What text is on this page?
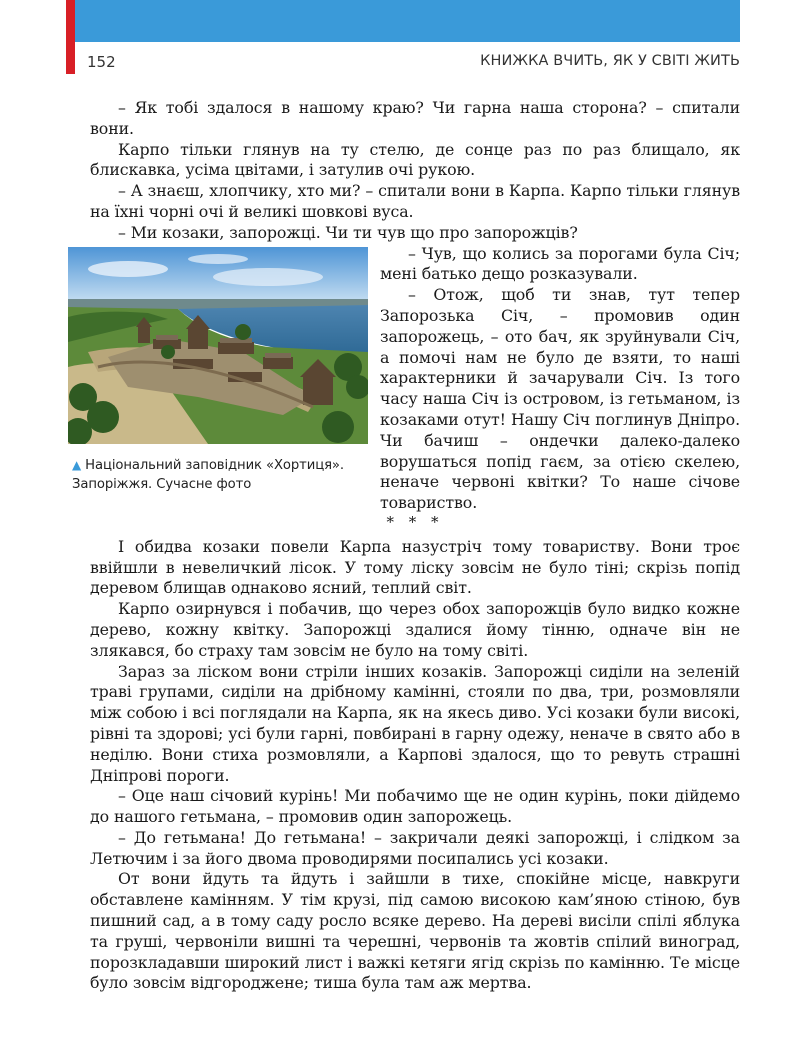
152	КНИЖКА ВЧИТЬ, ЯК У СВІТІ ЖИТЬ

– Як тобі здалося в нашому краю? Чи гарна наша сторона? – спитали вони.

Карпо тільки глянув на ту стелю, де сонце раз по раз блищало, як блискавка, усіма цвітами, і затулив очі рукою.

– А знаєш, хлопчику, хто ми? – спитали вони в Карпа. Карпо тільки глянув на їхні чорні очі й великі шовкові вуса.

– Ми козаки, запорожці. Чи ти чув що про запорожців?

▲ Національний заповідник «Хортиця». Запоріжжя. Сучасне фото

– Чув, що колись за порогами була Січ; мені батько дещо розказували.

– Отож, щоб ти знав, тут тепер Запорозька Січ, – промовив один запорожець, – ото бач, як зруйнували Січ, а помочі нам не було де взяти, то наші характерники й зачарували Січ. Із того часу наша Січ із островом, із гетьманом, із козаками отут! Нашу Січ поглинув Дніпро. Чи бачиш – ондечки далеко-далеко ворушаться попід гаєм, за отією скелею, неначе червоні квітки? То наше січове товариство.

* * *

І обидва козаки повели Карпа назустріч тому товариству. Вони троє ввійшли в невеличкий лісок. У тому ліску зовсім не було тіні; скрізь попід деревом блищав однаково ясний, теплий світ.

Карпо озирнувся і побачив, що через обох запорожців було видко кожне дерево, кожну квітку. Запорожці здалися йому тінню, одначе він не злякався, бо страху там зовсім не було на тому світі.

Зараз за ліском вони стріли інших козаків. Запорожці сиділи на зеленій траві групами, сиділи на дрібному камінні, стояли по два, три, розмовляли між собою і всі поглядали на Карпа, як на якесь диво. Усі козаки були високі, рівні та здорові; усі були гарні, повбирані в гарну одежу, неначе в свято або в неділю. Вони стиха розмовляли, а Карпові здалося, що то ревуть страшні Дніпрові пороги.

– Оце наш січовий курінь! Ми побачимо ще не один курінь, поки дійдемо до нашого гетьмана, – промовив один запорожець.

– До гетьмана! До гетьмана! – закричали деякі запорожці, і слідком за Летючим і за його двома проводирями посипались усі козаки.

От вони йдуть та йдуть і зайшли в тихе, спокійне місце, навкруги обставлене камінням. У тім крузі, під самою високою кам’яною стіною, був пишний сад, а в тому саду росло всяке дерево. На дереві висіли спілі яблука та груші, червоніли вишні та черешні, червонів та жовтів спілий виноград, порозкладавши широкий лист і важкі кетяги ягід скрізь по камінню. Те місце було зовсім відгороджене; тиша була там аж мертва.
